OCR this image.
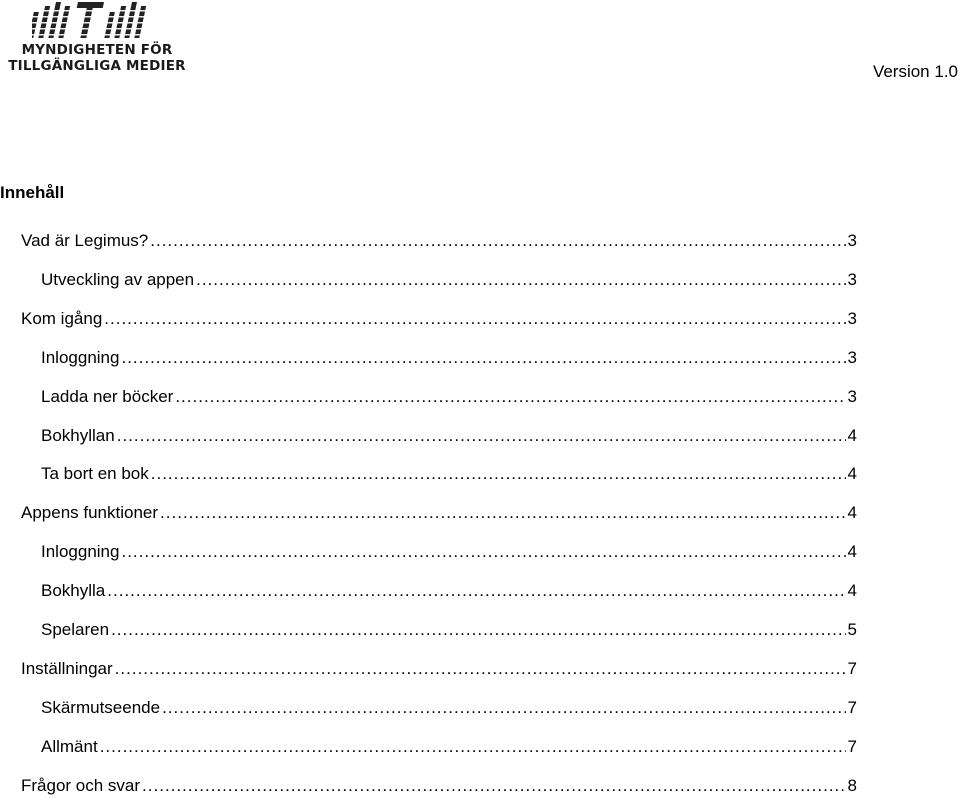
MYNDIGHETEN FÖR
TILLGÄNGLIGA MEDIER	Version 1.0
Innehåll
Vad är Legimus? .....	3
Utveckling av appen .....	3
Kom igång .....	3
Inloggning .....	3
Ladda ner böcker .....	3
Bokhyllan .....	4
Ta bort en bok .....	4
Appens funktioner .....	4
Inloggning .....	4
Bokhylla .....	4
Spelaren .....	5
Inställningar .....	7
Skärmutseende .....	7
Allmänt .....	7
Frågor och svar .....	8
